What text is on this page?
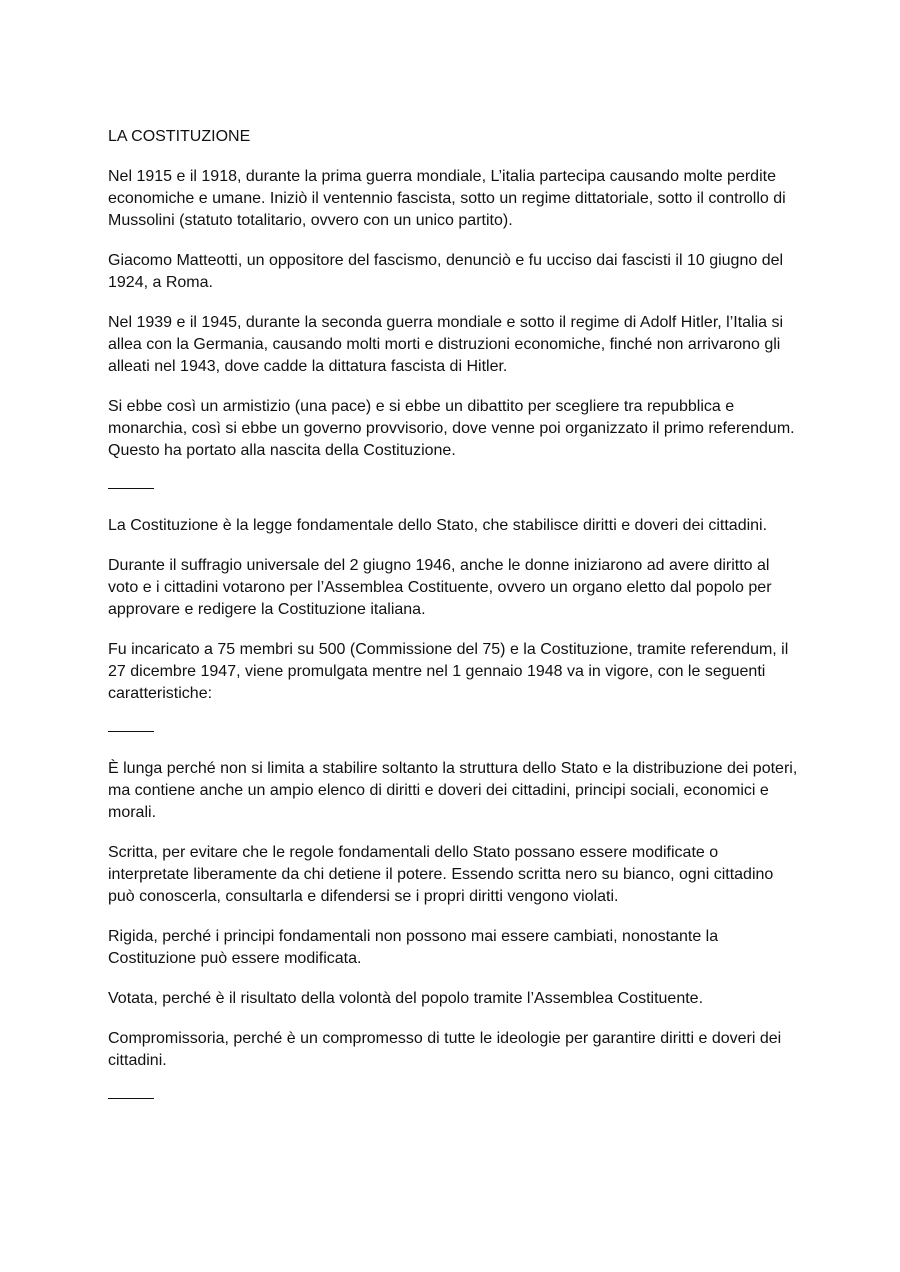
LA COSTITUZIONE

Nel 1915 e il 1918, durante la prima guerra mondiale, L’italia partecipa causando molte perdite economiche e umane. Iniziò il ventennio fascista, sotto un regime dittatoriale, sotto il controllo di Mussolini (statuto totalitario, ovvero con un unico partito).

Giacomo Matteotti, un oppositore del fascismo, denunciò e fu ucciso dai fascisti il 10 giugno del 1924, a Roma.

Nel 1939 e il 1945, durante la seconda guerra mondiale e sotto il regime di Adolf Hitler, l’Italia si allea con la Germania, causando molti morti e distruzioni economiche, finché non arrivarono gli alleati nel 1943, dove cadde la dittatura fascista di Hitler.

Si ebbe così un armistizio (una pace) e si ebbe un dibattito per scegliere tra repubblica e monarchia, così si ebbe un governo provvisorio, dove venne poi organizzato il primo referendum. Questo ha portato alla nascita della Costituzione.

La Costituzione è la legge fondamentale dello Stato, che stabilisce diritti e doveri dei cittadini.

Durante il suffragio universale del 2 giugno 1946, anche le donne iniziarono ad avere diritto al voto e i cittadini votarono per l’Assemblea Costituente, ovvero un organo eletto dal popolo per approvare e redigere la Costituzione italiana.

Fu incaricato a 75 membri su 500 (Commissione del 75) e la Costituzione, tramite referendum, il 27 dicembre 1947, viene promulgata mentre nel 1 gennaio 1948 va in vigore, con le seguenti caratteristiche:

È lunga perché non si limita a stabilire soltanto la struttura dello Stato e la distribuzione dei poteri, ma contiene anche un ampio elenco di diritti e doveri dei cittadini, principi sociali, economici e morali.

Scritta, per evitare che le regole fondamentali dello Stato possano essere modificate o interpretate liberamente da chi detiene il potere. Essendo scritta nero su bianco, ogni cittadino può conoscerla, consultarla e difendersi se i propri diritti vengono violati.

Rigida, perché i principi fondamentali non possono mai essere cambiati, nonostante la Costituzione può essere modificata.

Votata, perché è il risultato della volontà del popolo tramite l’Assemblea Costituente.

Compromissoria, perché è un compromesso di tutte le ideologie per garantire diritti e doveri dei cittadini.
